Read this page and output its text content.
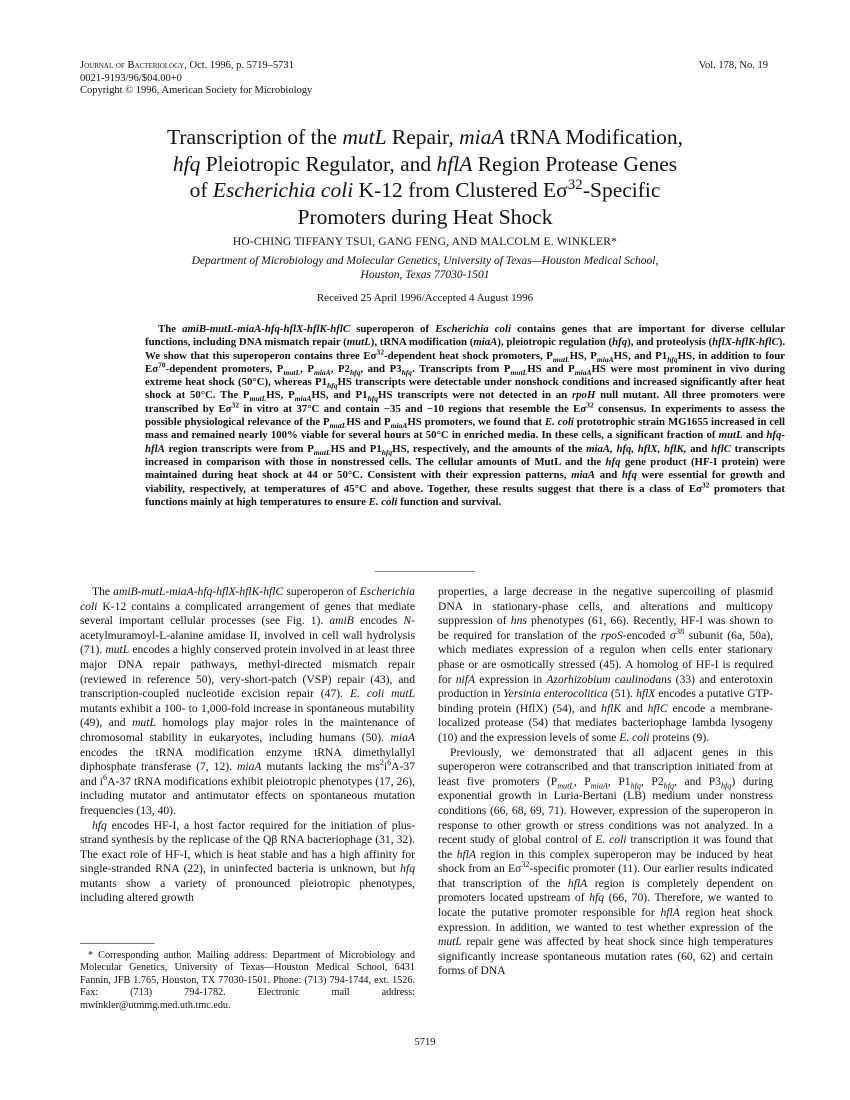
Journal of Bacteriology, Oct. 1996, p. 5719–5731
0021-9193/96/$04.00+0
Copyright © 1996, American Society for Microbiology
Vol. 178, No. 19
Transcription of the mutL Repair, miaA tRNA Modification,
hfq Pleiotropic Regulator, and hflA Region Protease Genes
of Escherichia coli K-12 from Clustered $E\sigma^{32}$-Specific
Promoters during Heat Shock
HO-CHING TIFFANY TSUI, GANG FENG, AND MALCOLM E. WINKLER*
Department of Microbiology and Molecular Genetics, University of Texas—Houston Medical School,
Houston, Texas 77030-1501
Received 25 April 1996/Accepted 4 August 1996

The amiB-mutL-miaA-hfq-hflX-hflK-hflC superoperon of Escherichia coli contains genes that are important for diverse cellular functions, including DNA mismatch repair (mutL), tRNA modification (miaA), pleiotropic regulation (hfq), and proteolysis (hflX-hflK-hflC). We show that this superoperon contains three $E\sigma^{32}$-dependent heat shock promoters, $P_{mutL}HS$, $P_{miaA}HS$, and $P1_{hfq}HS$, in addition to four $E\sigma^{70}$-dependent promoters, $P_{mutL}$, $P_{miaA}$, $P2_{hfq}$, and $P3_{hfq}$. Transcripts from $P_{mutL}HS$ and $P_{miaA}HS$ were most prominent in vivo during extreme heat shock (50°C), whereas $P1_{hfq}HS$ transcripts were detectable under nonshock conditions and increased significantly after heat shock at 50°C. The $P_{mutL}HS$, $P_{miaA}HS$, and $P1_{hfq}HS$ transcripts were not detected in an rpoH null mutant. All three promoters were transcribed by $E\sigma^{32}$ in vitro at 37°C and contain −35 and −10 regions that resemble the $E\sigma^{32}$ consensus. In experiments to assess the possible physiological relevance of the $P_{mutL}HS$ and $P_{miaA}HS$ promoters, we found that E. coli prototrophic strain MG1655 increased in cell mass and remained nearly 100% viable for several hours at 50°C in enriched media. In these cells, a significant fraction of mutL and hfq-hflA region transcripts were from $P_{mutL}HS$ and $P1_{hfq}HS$, respectively, and the amounts of the miaA, hfq, hflX, hflK, and hflC transcripts increased in comparison with those in nonstressed cells. The cellular amounts of MutL and the hfq gene product (HF-I protein) were maintained during heat shock at 44 or 50°C. Consistent with their expression patterns, miaA and hfq were essential for growth and viability, respectively, at temperatures of 45°C and above. Together, these results suggest that there is a class of $E\sigma^{32}$ promoters that functions mainly at high temperatures to ensure E. coli function and survival.

The amiB-mutL-miaA-hfq-hflX-hflK-hflC superoperon of Escherichia coli K-12 contains a complicated arrangement of genes that mediate several important cellular processes (see Fig. 1). amiB encodes N-acetylmuramoyl-L-alanine amidase II, involved in cell wall hydrolysis (71). mutL encodes a highly conserved protein involved in at least three major DNA repair pathways, methyl-directed mismatch repair (reviewed in reference 50), very-short-patch (VSP) repair (43), and transcription-coupled nucleotide excision repair (47). E. coli mutL mutants exhibit a 100- to 1,000-fold increase in spontaneous mutability (49), and mutL homologs play major roles in the maintenance of chromosomal stability in eukaryotes, including humans (50). miaA encodes the tRNA modification enzyme tRNA dimethylallyl diphosphate transferase (7, 12). miaA mutants lacking the $ms^2i^6A-37$ and $i^6A-37$ tRNA modifications exhibit pleiotropic phenotypes (17, 26), including mutator and antimutator effects on spontaneous mutation frequencies (13, 40).

hfq encodes HF-I, a host factor required for the initiation of plus-strand synthesis by the replicase of the Qβ RNA bacteriophage (31, 32). The exact role of HF-I, which is heat stable and has a high affinity for single-stranded RNA (22), in uninfected bacteria is unknown, but hfq mutants show a variety of pronounced pleiotropic phenotypes, including altered growth

* Corresponding author. Mailing address: Department of Microbiology and Molecular Genetics, University of Texas—Houston Medical School, 6431 Fannin, JFB 1.765, Houston, TX 77030-1501. Phone: (713) 794-1744, ext. 1526. Fax: (713) 794-1782. Electronic mail address: mwinkler@utmmg.med.uth.tmc.edu.

properties, a large decrease in the negative supercoiling of plasmid DNA in stationary-phase cells, and alterations and multicopy suppression of hns phenotypes (61, 66). Recently, HF-I was shown to be required for translation of the rpoS-encoded $\sigma^{38}$ subunit (6a, 50a), which mediates expression of a regulon when cells enter stationary phase or are osmotically stressed (45). A homolog of HF-I is required for nifA expression in Azorhizobium caulinodans (33) and enterotoxin production in Yersinia enterocolitica (51). hflX encodes a putative GTP-binding protein (HflX) (54), and hflK and hflC encode a membrane-localized protease (54) that mediates bacteriophage lambda lysogeny (10) and the expression levels of some E. coli proteins (9).

Previously, we demonstrated that all adjacent genes in this superoperon were cotranscribed and that transcription initiated from at least five promoters ($P_{mutL}$, $P_{miaA}$, $P1_{hfq}$, $P2_{hfq}$, and $P3_{hfq}$) during exponential growth in Luria-Bertani (LB) medium under nonstress conditions (66, 68, 69, 71). However, expression of the superoperon in response to other growth or stress conditions was not analyzed. In a recent study of global control of E. coli transcription it was found that the hflA region in this complex superoperon may be induced by heat shock from an $E\sigma^{32}$-specific promoter (11). Our earlier results indicated that transcription of the hflA region is completely dependent on promoters located upstream of hfq (66, 70). Therefore, we wanted to locate the putative promoter responsible for hflA region heat shock expression. In addition, we wanted to test whether expression of the mutL repair gene was affected by heat shock since high temperatures significantly increase spontaneous mutation rates (60, 62) and certain forms of DNA

5719
